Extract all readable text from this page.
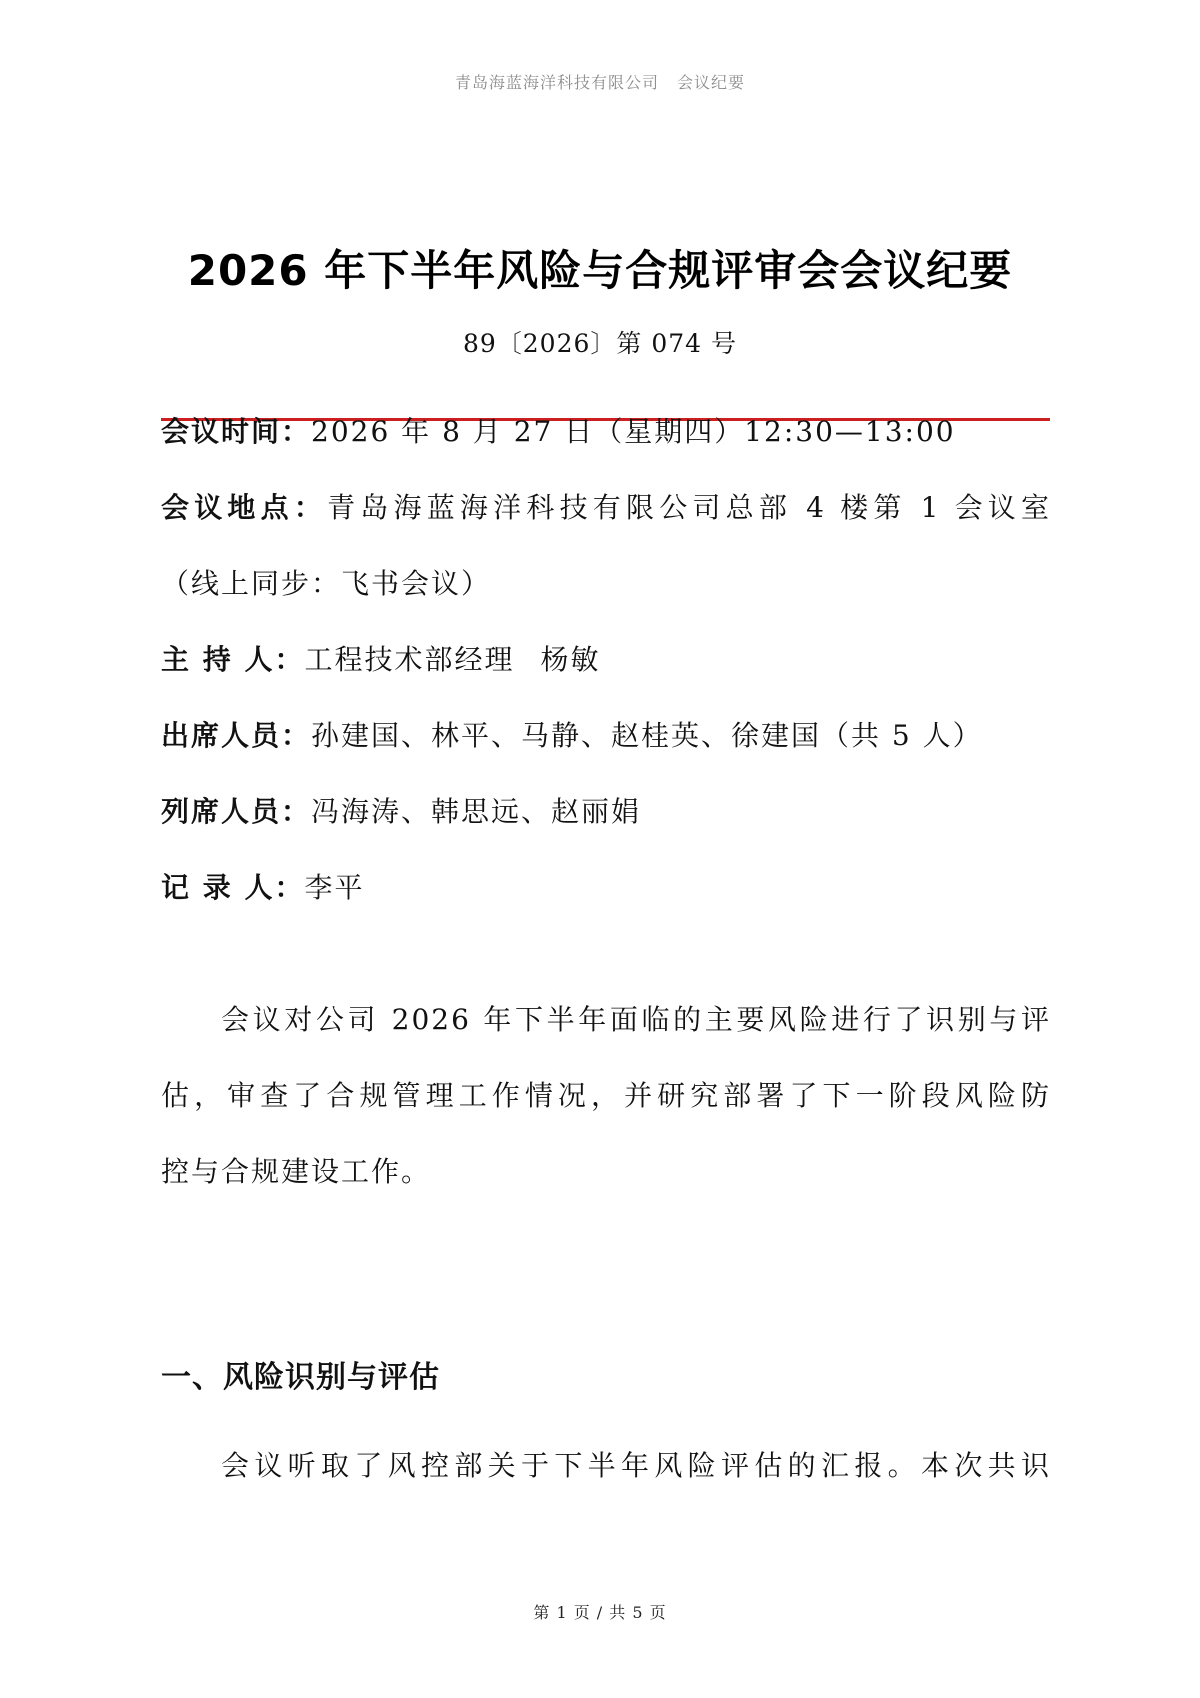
青岛海蓝海洋科技有限公司 会议纪要
2026 年下半年风险与合规评审会会议纪要
89〔2026〕第 074 号
会议时间：2026 年 8 月 27 日（星期四）12:30—13:00
会议地点：青岛海蓝海洋科技有限公司总部 4 楼第 1 会议室
（线上同步：飞书会议）
主 持 人：工程技术部经理 杨敏
出席人员：孙建国、林平、马静、赵桂英、徐建国（共 5 人）
列席人员：冯海涛、韩思远、赵丽娟
记 录 人：李平
会议对公司 2026 年下半年面临的主要风险进行了识别与评
估，审查了合规管理工作情况，并研究部署了下一阶段风险防
控与合规建设工作。
一、风险识别与评估
会议听取了风控部关于下半年风险评估的汇报。本次共识
第 1 页 / 共 5 页
